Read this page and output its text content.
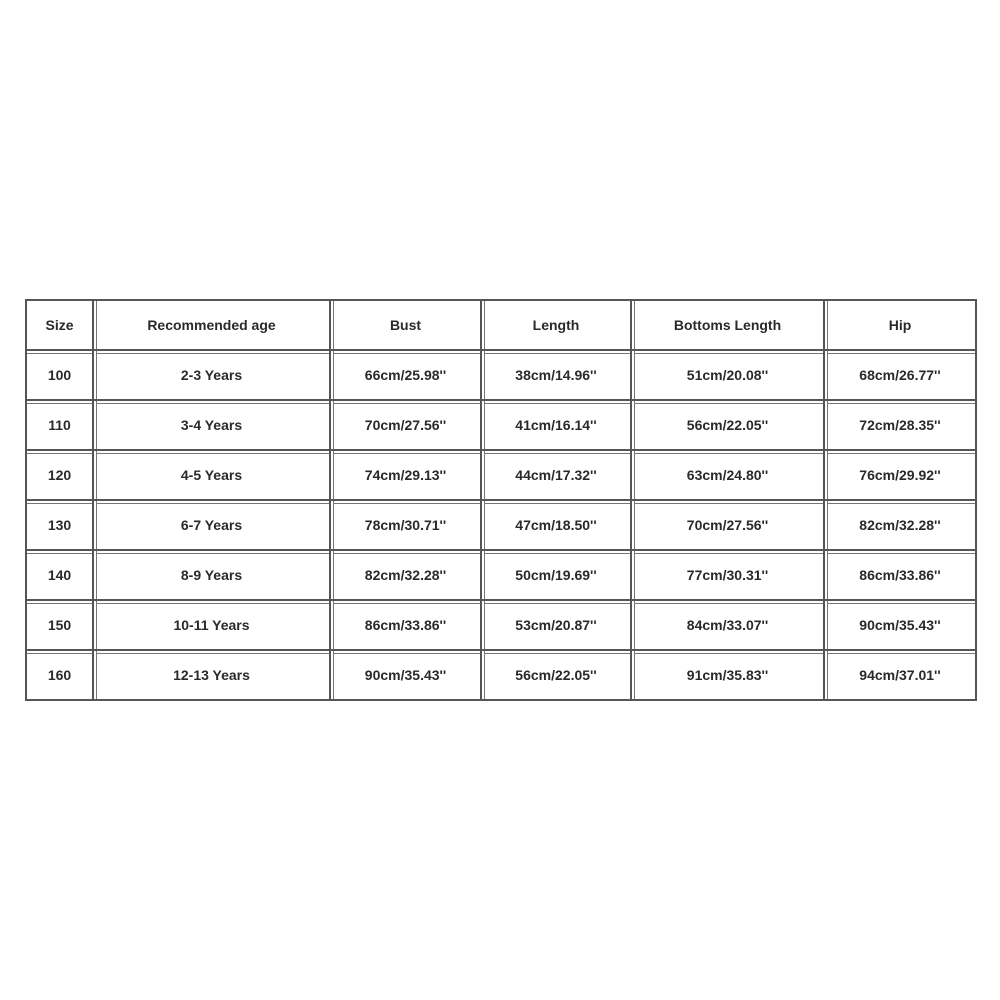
Size	Recommended age	Bust	Length	Bottoms Length	Hip
100	2-3 Years	66cm/25.98''	38cm/14.96''	51cm/20.08''	68cm/26.77''
110	3-4 Years	70cm/27.56''	41cm/16.14''	56cm/22.05''	72cm/28.35''
120	4-5 Years	74cm/29.13''	44cm/17.32''	63cm/24.80''	76cm/29.92''
130	6-7 Years	78cm/30.71''	47cm/18.50''	70cm/27.56''	82cm/32.28''
140	8-9 Years	82cm/32.28''	50cm/19.69''	77cm/30.31''	86cm/33.86''
150	10-11 Years	86cm/33.86''	53cm/20.87''	84cm/33.07''	90cm/35.43''
160	12-13 Years	90cm/35.43''	56cm/22.05''	91cm/35.83''	94cm/37.01''
